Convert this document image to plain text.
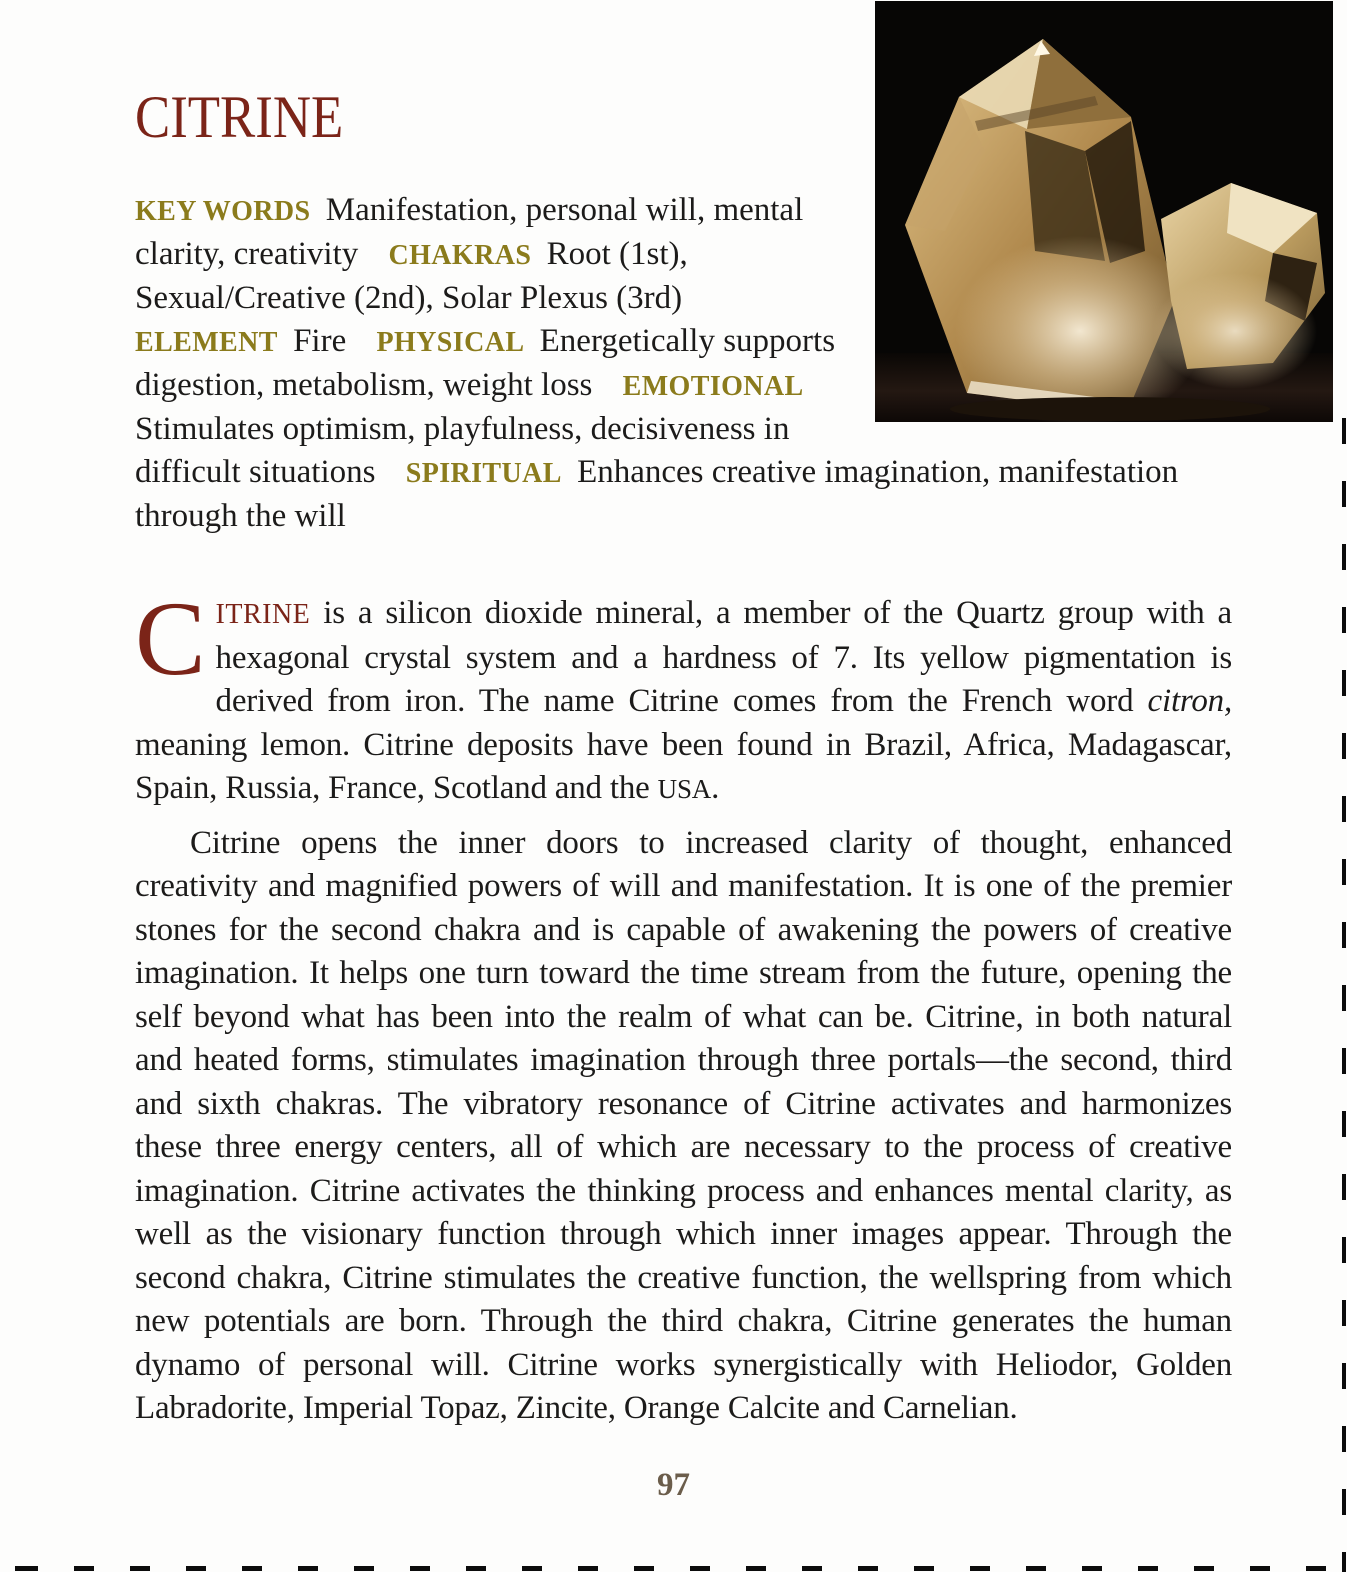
CITRINE

KEY WORDS Manifestation, personal will, mental clarity, creativity CHAKRAS Root (1st), Sexual/Creative (2nd), Solar Plexus (3rd) ELEMENT Fire PHYSICAL Energetically supports digestion, metabolism, weight loss EMOTIONAL Stimulates optimism, playfulness, decisiveness in difficult situations SPIRITUAL Enhances creative imagination, manifestation through the will

CITRINE is a silicon dioxide mineral, a member of the Quartz group with a hexagonal crystal system and a hardness of 7. Its yellow pigmentation is derived from iron. The name Citrine comes from the French word citron, meaning lemon. Citrine deposits have been found in Brazil, Africa, Madagascar, Spain, Russia, France, Scotland and the USA.

Citrine opens the inner doors to increased clarity of thought, enhanced creativity and magnified powers of will and manifestation. It is one of the premier stones for the second chakra and is capable of awakening the powers of creative imagination. It helps one turn toward the time stream from the future, opening the self beyond what has been into the realm of what can be. Citrine, in both natural and heated forms, stimulates imagination through three portals—the second, third and sixth chakras. The vibratory resonance of Citrine activates and harmonizes these three energy centers, all of which are necessary to the process of creative imagination. Citrine activates the thinking process and enhances mental clarity, as well as the visionary function through which inner images appear. Through the second chakra, Citrine stimulates the creative function, the wellspring from which new potentials are born. Through the third chakra, Citrine generates the human dynamo of personal will. Citrine works synergistically with Heliodor, Golden Labradorite, Imperial Topaz, Zincite, Orange Calcite and Carnelian.

97
